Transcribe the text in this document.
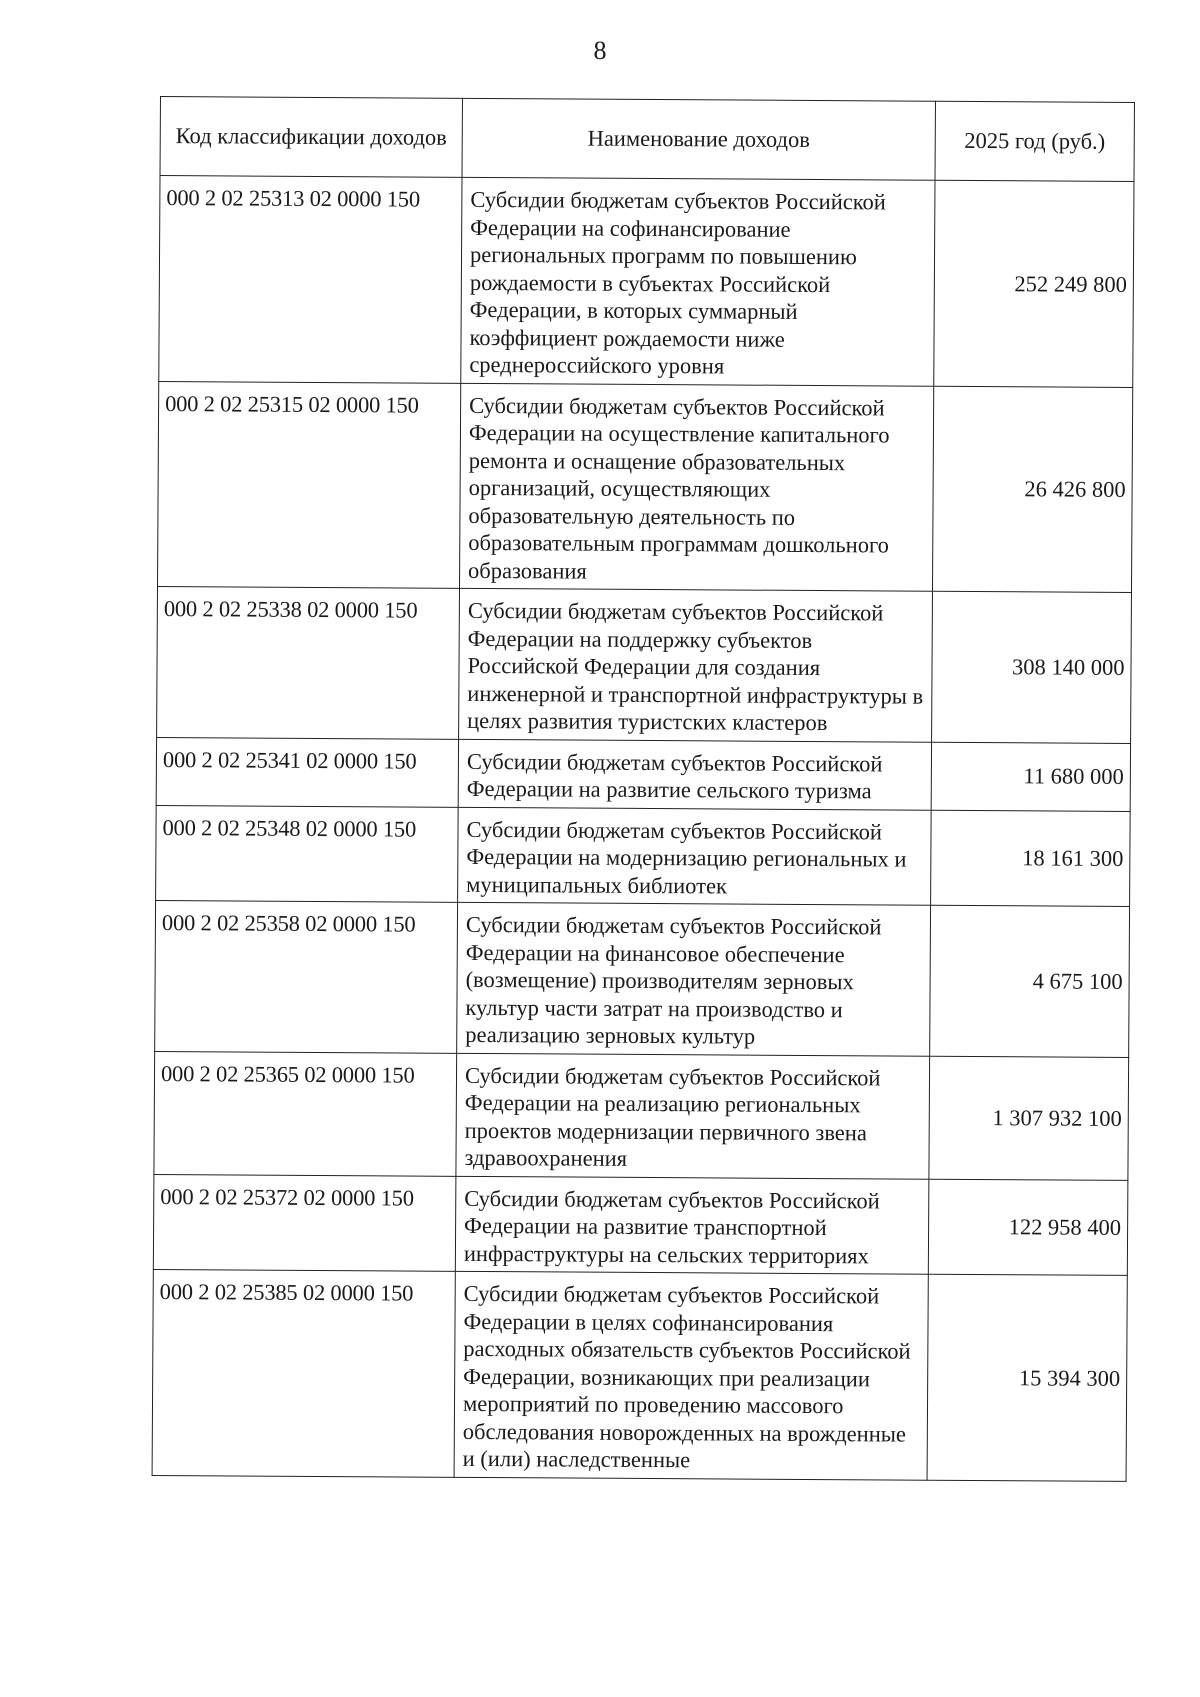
8
Код классификации доходов	Наименование доходов	2025 год (руб.)
000 2 02 25313 02 0000 150	Субсидии бюджетам субъектов Российской Федерации на софинансирование региональных программ по повышению рождаемости в субъектах Российской Федерации, в которых суммарный коэффициент рождаемости ниже среднероссийского уровня	252 249 800
000 2 02 25315 02 0000 150	Субсидии бюджетам субъектов Российской Федерации на осуществление капитального ремонта и оснащение образовательных организаций, осуществляющих образовательную деятельность по образовательным программам дошкольного образования	26 426 800
000 2 02 25338 02 0000 150	Субсидии бюджетам субъектов Российской Федерации на поддержку субъектов Российской Федерации для создания инженерной и транспортной инфраструктуры в целях развития туристских кластеров	308 140 000
000 2 02 25341 02 0000 150	Субсидии бюджетам субъектов Российской Федерации на развитие сельского туризма	11 680 000
000 2 02 25348 02 0000 150	Субсидии бюджетам субъектов Российской Федерации на модернизацию региональных и муниципальных библиотек	18 161 300
000 2 02 25358 02 0000 150	Субсидии бюджетам субъектов Российской Федерации на финансовое обеспечение (возмещение) производителям зерновых культур части затрат на производство и реализацию зерновых культур	4 675 100
000 2 02 25365 02 0000 150	Субсидии бюджетам субъектов Российской Федерации на реализацию региональных проектов модернизации первичного звена здравоохранения	1 307 932 100
000 2 02 25372 02 0000 150	Субсидии бюджетам субъектов Российской Федерации на развитие транспортной инфраструктуры на сельских территориях	122 958 400
000 2 02 25385 02 0000 150	Субсидии бюджетам субъектов Российской Федерации в целях софинансирования расходных обязательств субъектов Российской Федерации, возникающих при реализации мероприятий по проведению массового обследования новорожденных на врожденные и (или) наследственные	15 394 300
